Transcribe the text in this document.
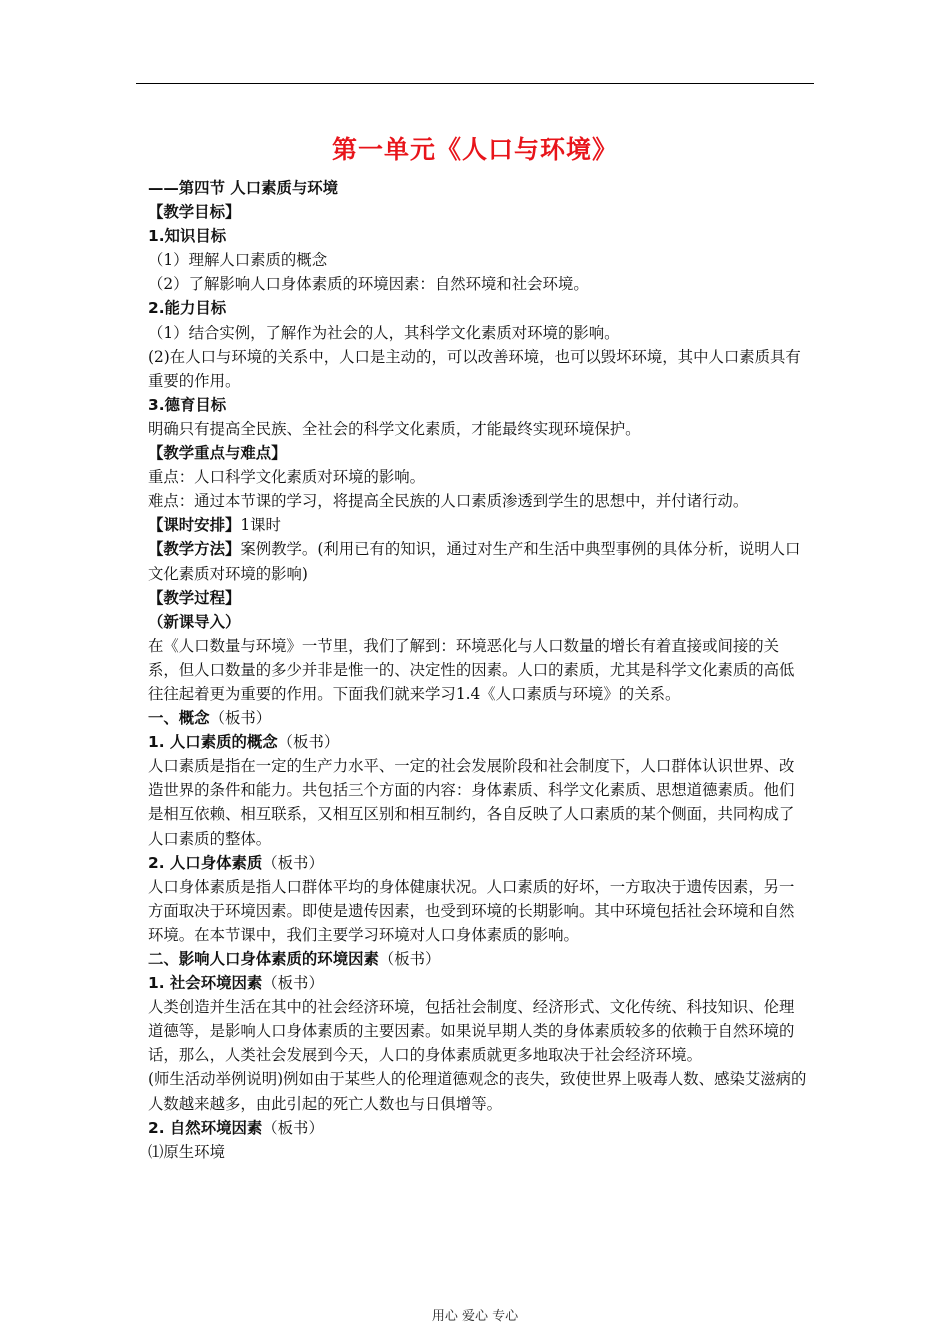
第一单元《人口与环境》

——第四节 人口素质与环境

【教学目标】

1.知识目标

（1）理解人口素质的概念

（2）了解影响人口身体素质的环境因素：自然环境和社会环境。

2.能力目标

（1）结合实例，了解作为社会的人，其科学文化素质对环境的影响。

(2)在人口与环境的关系中，人口是主动的，可以改善环境，也可以毁坏环境，其中人口素质具有重要的作用。

3.德育目标

明确只有提高全民族、全社会的科学文化素质，才能最终实现环境保护。

【教学重点与难点】

重点：人口科学文化素质对环境的影响。

难点：通过本节课的学习，将提高全民族的人口素质渗透到学生的思想中，并付诸行动。

【课时安排】1课时

【教学方法】案例教学。(利用已有的知识，通过对生产和生活中典型事例的具体分析，说明人口文化素质对环境的影响)

【教学过程】

（新课导入）

在《人口数量与环境》一节里，我们了解到：环境恶化与人口数量的增长有着直接或间接的关系，但人口数量的多少并非是惟一的、决定性的因素。人口的素质，尤其是科学文化素质的高低往往起着更为重要的作用。下面我们就来学习1.4《人口素质与环境》的关系。

一、概念（板书）

1. 人口素质的概念（板书）

人口素质是指在一定的生产力水平、一定的社会发展阶段和社会制度下，人口群体认识世界、改造世界的条件和能力。共包括三个方面的内容：身体素质、科学文化素质、思想道德素质。他们是相互依赖、相互联系，又相互区别和相互制约，各自反映了人口素质的某个侧面，共同构成了人口素质的整体。

2. 人口身体素质（板书）

人口身体素质是指人口群体平均的身体健康状况。人口素质的好坏，一方取决于遗传因素，另一方面取决于环境因素。即使是遗传因素，也受到环境的长期影响。其中环境包括社会环境和自然环境。在本节课中，我们主要学习环境对人口身体素质的影响。

二、影响人口身体素质的环境因素（板书）

1. 社会环境因素（板书）

人类创造并生活在其中的社会经济环境，包括社会制度、经济形式、文化传统、科技知识、伦理道德等，是影响人口身体素质的主要因素。如果说早期人类的身体素质较多的依赖于自然环境的话，那么，人类社会发展到今天，人口的身体素质就更多地取决于社会经济环境。

(师生活动举例说明)例如由于某些人的伦理道德观念的丧失，致使世界上吸毒人数、感染艾滋病的人数越来越多，由此引起的死亡人数也与日俱增等。

2. 自然环境因素（板书）

⑴原生环境

用心 爱心 专心
